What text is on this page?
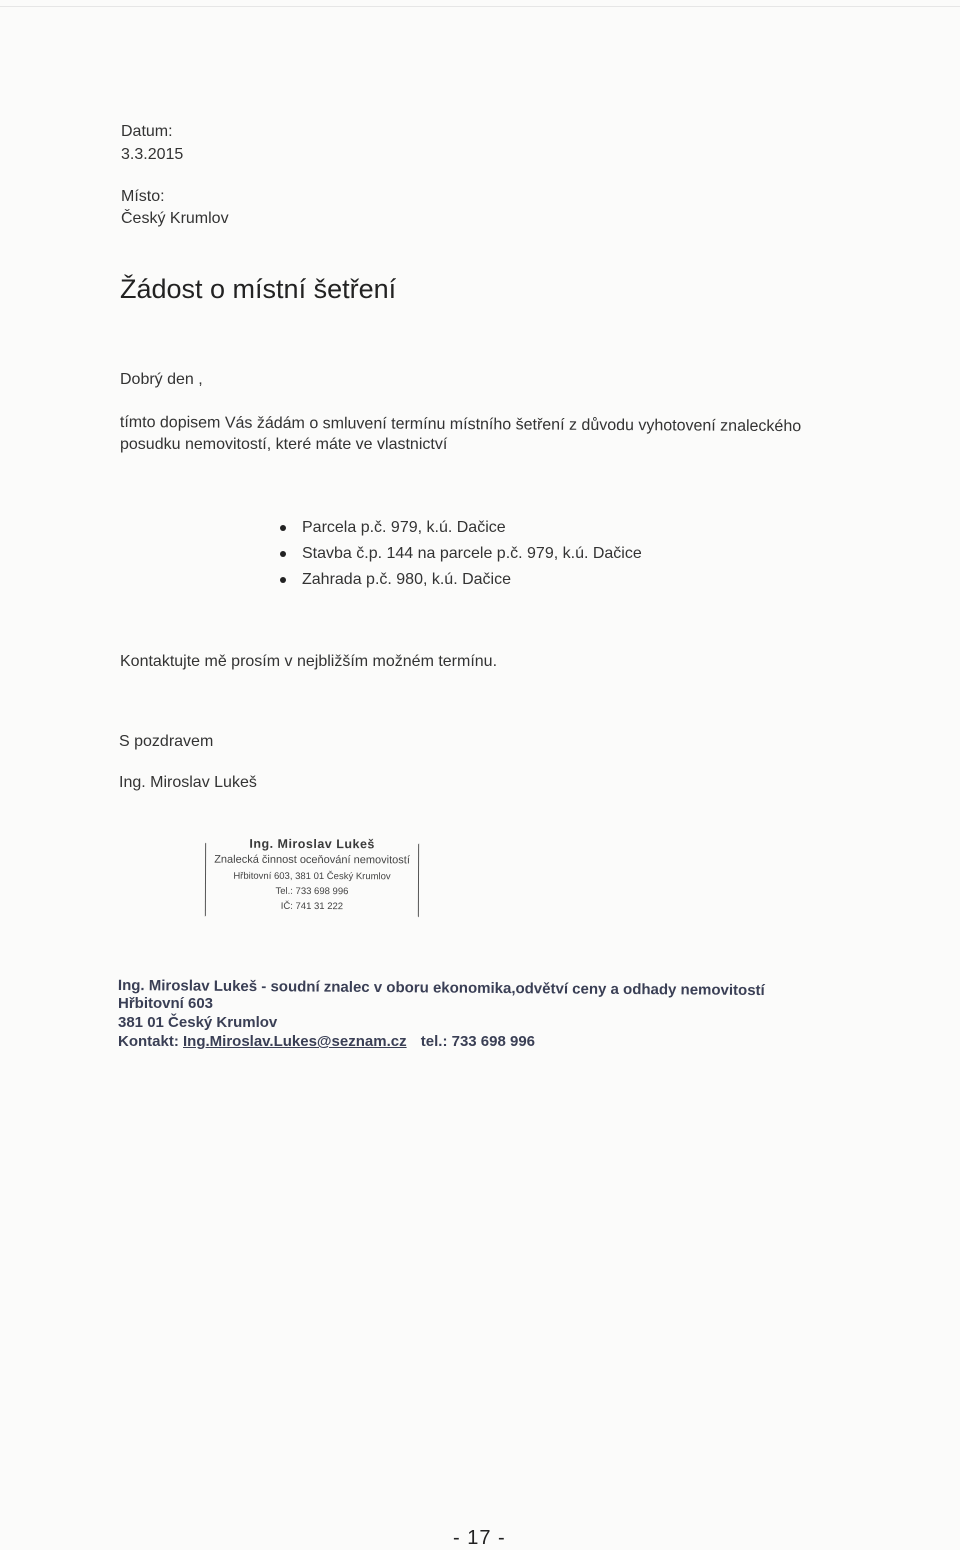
Datum:
3.3.2015
Místo:
Český Krumlov
Žádost o místní šetření
Dobrý den ,
tímto dopisem Vás žádám o smluvení termínu místního šetření z důvodu vyhotovení znaleckého
posudku nemovitostí, které máte ve vlastnictví
Parcela p.č. 979, k.ú. Dačice
Stavba č.p. 144 na parcele p.č. 979, k.ú. Dačice
Zahrada p.č. 980, k.ú. Dačice
Kontaktujte mě prosím v nejbližším možném termínu.
S pozdravem
Ing. Miroslav Lukeš
Ing. Miroslav Lukeš
Znalecká činnost oceňování nemovitostí
Hřbitovní 603, 381 01 Český Krumlov
Tel.: 733 698 996
IČ: 741 31 222
Ing. Miroslav Lukeš - soudní znalec v oboru ekonomika,odvětví ceny a odhady nemovitostí
Hřbitovní 603
381 01 Český Krumlov
Kontakt: Ing.Miroslav.Lukes@seznam.cz tel.: 733 698 996
- 17 -
